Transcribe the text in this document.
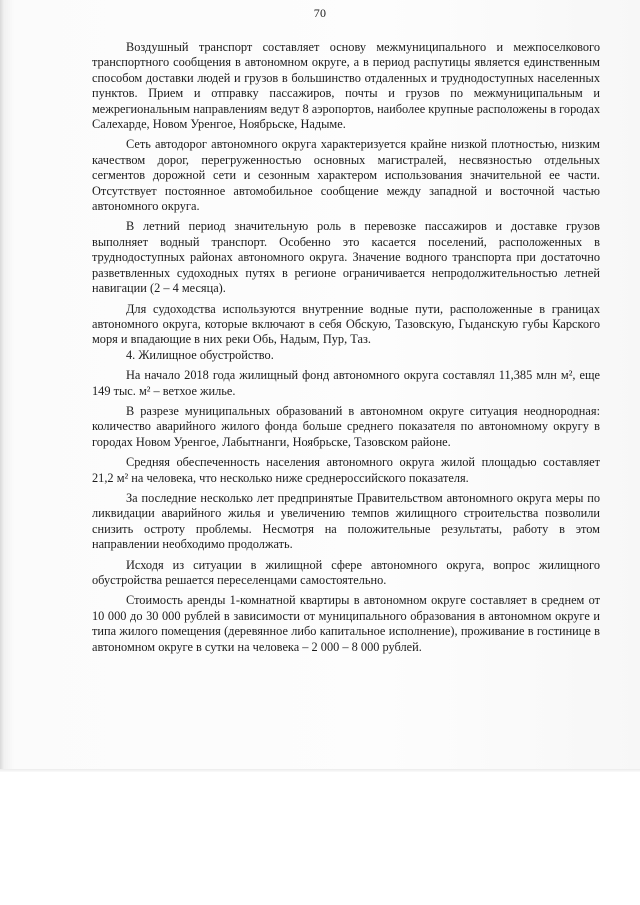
70

Воздушный транспорт составляет основу межмуниципального и межпоселкового транспортного сообщения в автономном округе, а в период распутицы является единственным способом доставки людей и грузов в большинство отдаленных и труднодоступных населенных пунктов. Прием и отправку пассажиров, почты и грузов по межмуниципальным и межрегиональным направлениям ведут 8 аэропортов, наиболее крупные расположены в городах Салехарде, Новом Уренгое, Ноябрьске, Надыме.

Сеть автодорог автономного округа характеризуется крайне низкой плотностью, низким качеством дорог, перегруженностью основных магистралей, несвязностью отдельных сегментов дорожной сети и сезонным характером использования значительной ее части. Отсутствует постоянное автомобильное сообщение между западной и восточной частью автономного округа.

В летний период значительную роль в перевозке пассажиров и доставке грузов выполняет водный транспорт. Особенно это касается поселений, расположенных в труднодоступных районах автономного округа. Значение водного транспорта при достаточно разветвленных судоходных путях в регионе ограничивается непродолжительностью летней навигации (2 – 4 месяца).

Для судоходства используются внутренние водные пути, расположенные в границах автономного округа, которые включают в себя Обскую, Тазовскую, Гыданскую губы Карского моря и впадающие в них реки Обь, Надым, Пур, Таз.

4. Жилищное обустройство.

На начало 2018 года жилищный фонд автономного округа составлял 11,385 млн м², еще 149 тыс. м² – ветхое жилье.

В разрезе муниципальных образований в автономном округе ситуация неоднородная: количество аварийного жилого фонда больше среднего показателя по автономному округу в городах Новом Уренгое, Лабытнанги, Ноябрьске, Тазовском районе.

Средняя обеспеченность населения автономного округа жилой площадью составляет 21,2 м² на человека, что несколько ниже среднероссийского показателя.

За последние несколько лет предпринятые Правительством автономного округа меры по ликвидации аварийного жилья и увеличению темпов жилищного строительства позволили снизить остроту проблемы. Несмотря на положительные результаты, работу в этом направлении необходимо продолжать.

Исходя из ситуации в жилищной сфере автономного округа, вопрос жилищного обустройства решается переселенцами самостоятельно.

Стоимость аренды 1-комнатной квартиры в автономном округе составляет в среднем от 10 000 до 30 000 рублей в зависимости от муниципального образования в автономном округе и типа жилого помещения (деревянное либо капитальное исполнение), проживание в гостинице в автономном округе в сутки на человека – 2 000 – 8 000 рублей.
